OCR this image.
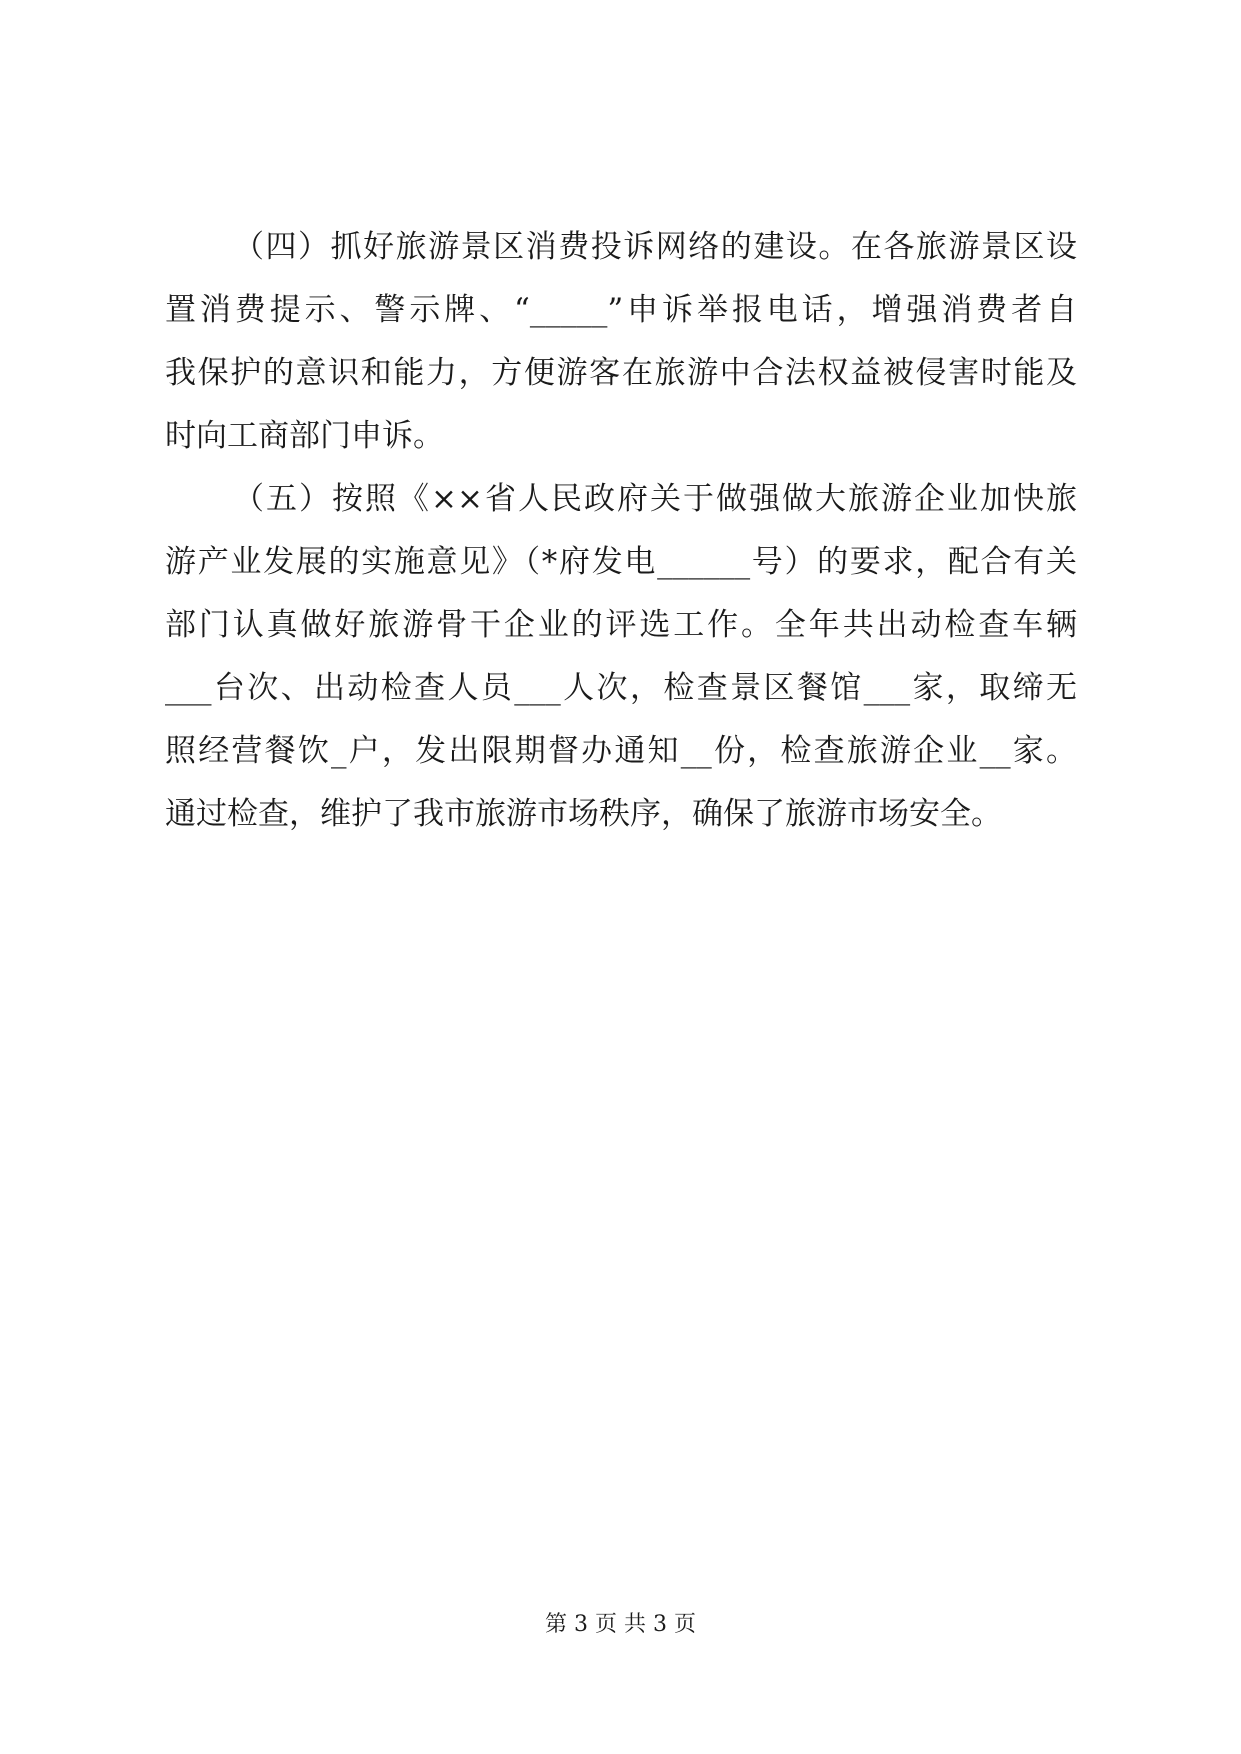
（四）抓好旅游景区消费投诉网络的建设。在各旅游景区设
置消费提示、警示牌、“_____”申诉举报电话，增强消费者自
我保护的意识和能力，方便游客在旅游中合法权益被侵害时能及
时向工商部门申诉。
（五）按照《××省人民政府关于做强做大旅游企业加快旅
游产业发展的实施意见》（*府发电______号）的要求，配合有关
部门认真做好旅游骨干企业的评选工作。全年共出动检查车辆
___台次、出动检查人员___人次，检查景区餐馆___家，取缔无
照经营餐饮_户，发出限期督办通知__份，检查旅游企业__家。
通过检查，维护了我市旅游市场秩序，确保了旅游市场安全。
第 3 页 共 3 页
